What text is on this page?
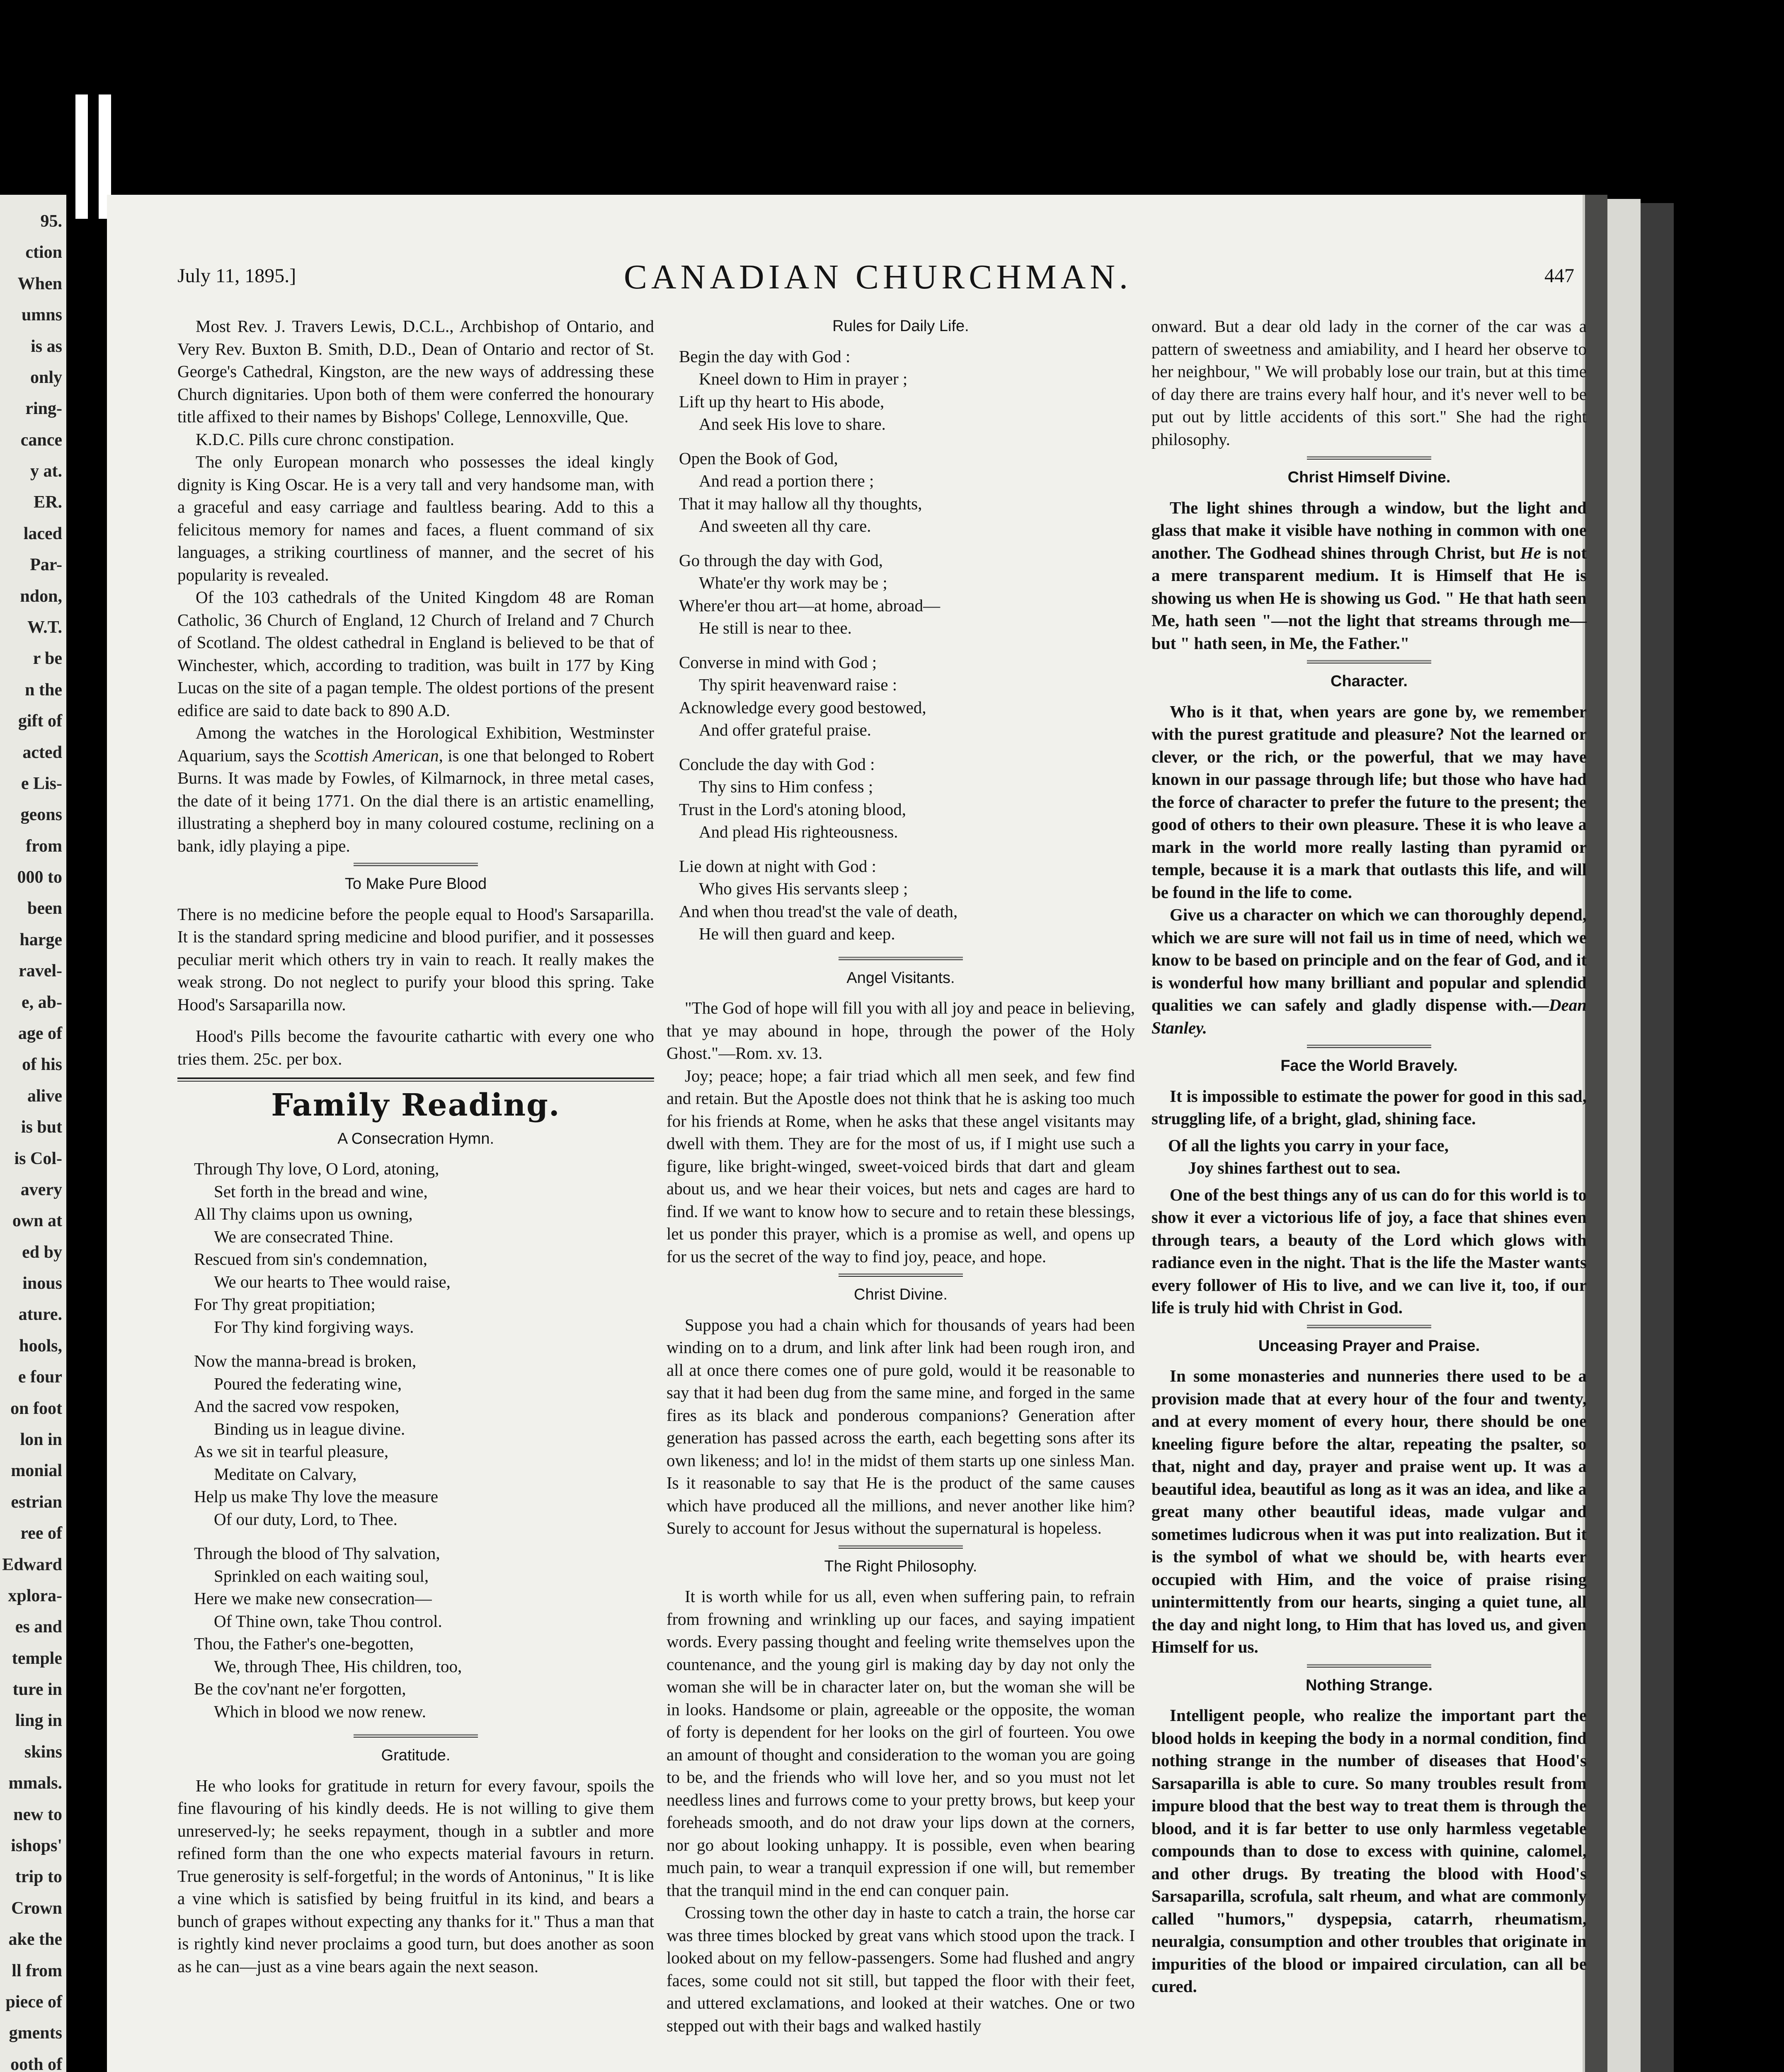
95.
ction
When
umns
is as
only
ring-
cance
y at.
ER.
laced
Par-
ndon,
W.T.
r be
n the
gift of
acted
e Lis-
geons
from
000 to
been
harge
ravel-
e, ab-
age of
of his
alive
is but
is Col-
avery
own at
ed by
inous
ature.
hools,
e four
on foot
lon in
monial
estrian
ree of
Edward
xplora-
es and
temple
ture in
ling in
skins
mmals.
new to
ishops'
trip to
Crown
ake the
ll from
piece of
gments
ooth of
July 11, 1895.]	CANADIAN CHURCHMAN.	447

Most Rev. J. Travers Lewis, D.C.L., Archbishop of Ontario, and Very Rev. Buxton B. Smith, D.D., Dean of Ontario and rector of St. George's Cathedral, Kingston, are the new ways of addressing these Church dignitaries. Upon both of them were conferred the honourary title affixed to their names by Bishops' College, Lennoxville, Que.

K.D.C. Pills cure chronc constipation.

The only European monarch who possesses the ideal kingly dignity is King Oscar. He is a very tall and very handsome man, with a graceful and easy carriage and faultless bearing. Add to this a felicitous memory for names and faces, a fluent command of six languages, a striking courtliness of manner, and the secret of his popularity is revealed.

Of the 103 cathedrals of the United Kingdom 48 are Roman Catholic, 36 Church of England, 12 Church of Ireland and 7 Church of Scotland. The oldest cathedral in England is believed to be that of Winchester, which, according to tradition, was built in 177 by King Lucas on the site of a pagan temple. The oldest portions of the present edifice are said to date back to 890 A.D.

Among the watches in the Horological Exhibition, Westminster Aquarium, says the Scottish American, is one that belonged to Robert Burns. It was made by Fowles, of Kilmarnock, in three metal cases, the date of it being 1771. On the dial there is an artistic enamelling, illustrating a shepherd boy in many coloured costume, reclining on a bank, idly playing a pipe.

To Make Pure Blood

There is no medicine before the people equal to Hood's Sarsaparilla. It is the standard spring medicine and blood purifier, and it possesses peculiar merit which others try in vain to reach. It really makes the weak strong. Do not neglect to purify your blood this spring. Take Hood's Sarsaparilla now.

Hood's Pills become the favourite cathartic with every one who tries them. 25c. per box.

Family Reading.
A Consecration Hymn.
Through Thy love, O Lord, atoning,
Set forth in the bread and wine,
All Thy claims upon us owning,
We are consecrated Thine.
Rescued from sin's condemnation,
We our hearts to Thee would raise,
For Thy great propitiation;
For Thy kind forgiving ways.
Now the manna-bread is broken,
Poured the federating wine,
And the sacred vow respoken,
Binding us in league divine.
As we sit in tearful pleasure,
Meditate on Calvary,
Help us make Thy love the measure
Of our duty, Lord, to Thee.
Through the blood of Thy salvation,
Sprinkled on each waiting soul,
Here we make new consecration—
Of Thine own, take Thou control.
Thou, the Father's one-begotten,
We, through Thee, His children, too,
Be the cov'nant ne'er forgotten,
Which in blood we now renew.
Gratitude.

He who looks for gratitude in return for every favour, spoils the fine flavouring of his kindly deeds. He is not willing to give them unreserved-ly; he seeks repayment, though in a subtler and more refined form than the one who expects material favours in return. True generosity is self-forgetful; in the words of Antoninus, " It is like a vine which is satisfied by being fruitful in its kind, and bears a bunch of grapes without expecting any thanks for it." Thus a man that is rightly kind never proclaims a good turn, but does another as soon as he can—just as a vine bears again the next season.

Rules for Daily Life.
Begin the day with God :
Kneel down to Him in prayer ;
Lift up thy heart to His abode,
And seek His love to share.
Open the Book of God,
And read a portion there ;
That it may hallow all thy thoughts,
And sweeten all thy care.
Go through the day with God,
Whate'er thy work may be ;
Where'er thou art—at home, abroad—
He still is near to thee.
Converse in mind with God ;
Thy spirit heavenward raise :
Acknowledge every good bestowed,
And offer grateful praise.
Conclude the day with God :
Thy sins to Him confess ;
Trust in the Lord's atoning blood,
And plead His righteousness.
Lie down at night with God :
Who gives His servants sleep ;
And when thou tread'st the vale of death,
He will then guard and keep.
Angel Visitants.

"The God of hope will fill you with all joy and peace in believing, that ye may abound in hope, through the power of the Holy Ghost."—Rom. xv. 13.

Joy; peace; hope; a fair triad which all men seek, and few find and retain. But the Apostle does not think that he is asking too much for his friends at Rome, when he asks that these angel visitants may dwell with them. They are for the most of us, if I might use such a figure, like bright-winged, sweet-voiced birds that dart and gleam about us, and we hear their voices, but nets and cages are hard to find. If we want to know how to secure and to retain these blessings, let us ponder this prayer, which is a promise as well, and opens up for us the secret of the way to find joy, peace, and hope.

Christ Divine.

Suppose you had a chain which for thousands of years had been winding on to a drum, and link after link had been rough iron, and all at once there comes one of pure gold, would it be reasonable to say that it had been dug from the same mine, and forged in the same fires as its black and ponderous companions? Generation after generation has passed across the earth, each begetting sons after its own likeness; and lo! in the midst of them starts up one sinless Man. Is it reasonable to say that He is the product of the same causes which have produced all the millions, and never another like him? Surely to account for Jesus without the supernatural is hopeless.

The Right Philosophy.

It is worth while for us all, even when suffering pain, to refrain from frowning and wrinkling up our faces, and saying impatient words. Every passing thought and feeling write themselves upon the countenance, and the young girl is making day by day not only the woman she will be in character later on, but the woman she will be in looks. Handsome or plain, agreeable or the opposite, the woman of forty is dependent for her looks on the girl of fourteen. You owe an amount of thought and consideration to the woman you are going to be, and the friends who will love her, and so you must not let needless lines and furrows come to your pretty brows, but keep your foreheads smooth, and do not draw your lips down at the corners, nor go about looking unhappy. It is possible, even when bearing much pain, to wear a tranquil expression if one will, but remember that the tranquil mind in the end can conquer pain.

Crossing town the other day in haste to catch a train, the horse car was three times blocked by great vans which stood upon the track. I looked about on my fellow-passengers. Some had flushed and angry faces, some could not sit still, but tapped the floor with their feet, and uttered exclamations, and looked at their watches. One or two stepped out with their bags and walked hastily

onward. But a dear old lady in the corner of the car was a pattern of sweetness and amiability, and I heard her observe to her neighbour, " We will probably lose our train, but at this time of day there are trains every half hour, and it's never well to be put out by little accidents of this sort." She had the right philosophy.

Christ Himself Divine.

The light shines through a window, but the light and glass that make it visible have nothing in common with one another. The Godhead shines through Christ, but He is not a mere transparent medium. It is Himself that He is showing us when He is showing us God. " He that hath seen Me, hath seen "—not the light that streams through me—but " hath seen, in Me, the Father."

Character.

Who is it that, when years are gone by, we remember with the purest gratitude and pleasure? Not the learned or clever, or the rich, or the powerful, that we may have known in our passage through life; but those who have had the force of character to prefer the future to the present; the good of others to their own pleasure. These it is who leave a mark in the world more really lasting than pyramid or temple, because it is a mark that outlasts this life, and will be found in the life to come.

Give us a character on which we can thoroughly depend, which we are sure will not fail us in time of need, which we know to be based on principle and on the fear of God, and it is wonderful how many brilliant and popular and splendid qualities we can safely and gladly dispense with.—Dean Stanley.

Face the World Bravely.

It is impossible to estimate the power for good in this sad, struggling life, of a bright, glad, shining face.

Of all the lights you carry in your face,
Joy shines farthest out to sea.

One of the best things any of us can do for this world is to show it ever a victorious life of joy, a face that shines even through tears, a beauty of the Lord which glows with radiance even in the night. That is the life the Master wants every follower of His to live, and we can live it, too, if our life is truly hid with Christ in God.

Unceasing Prayer and Praise.

In some monasteries and nunneries there used to be a provision made that at every hour of the four and twenty, and at every moment of every hour, there should be one kneeling figure before the altar, repeating the psalter, so that, night and day, prayer and praise went up. It was a beautiful idea, beautiful as long as it was an idea, and like a great many other beautiful ideas, made vulgar and sometimes ludicrous when it was put into realization. But it is the symbol of what we should be, with hearts ever occupied with Him, and the voice of praise rising unintermittently from our hearts, singing a quiet tune, all the day and night long, to Him that has loved us, and given Himself for us.

Nothing Strange.

Intelligent people, who realize the important part the blood holds in keeping the body in a normal condition, find nothing strange in the number of diseases that Hood's Sarsaparilla is able to cure. So many troubles result from impure blood that the best way to treat them is through the blood, and it is far better to use only harmless vegetable compounds than to dose to excess with quinine, calomel, and other drugs. By treating the blood with Hood's Sarsaparilla, scrofula, salt rheum, and what are commonly called "humors," dyspepsia, catarrh, rheumatism, neuralgia, consumption and other troubles that originate in impurities of the blood or impaired circulation, can all be cured.
